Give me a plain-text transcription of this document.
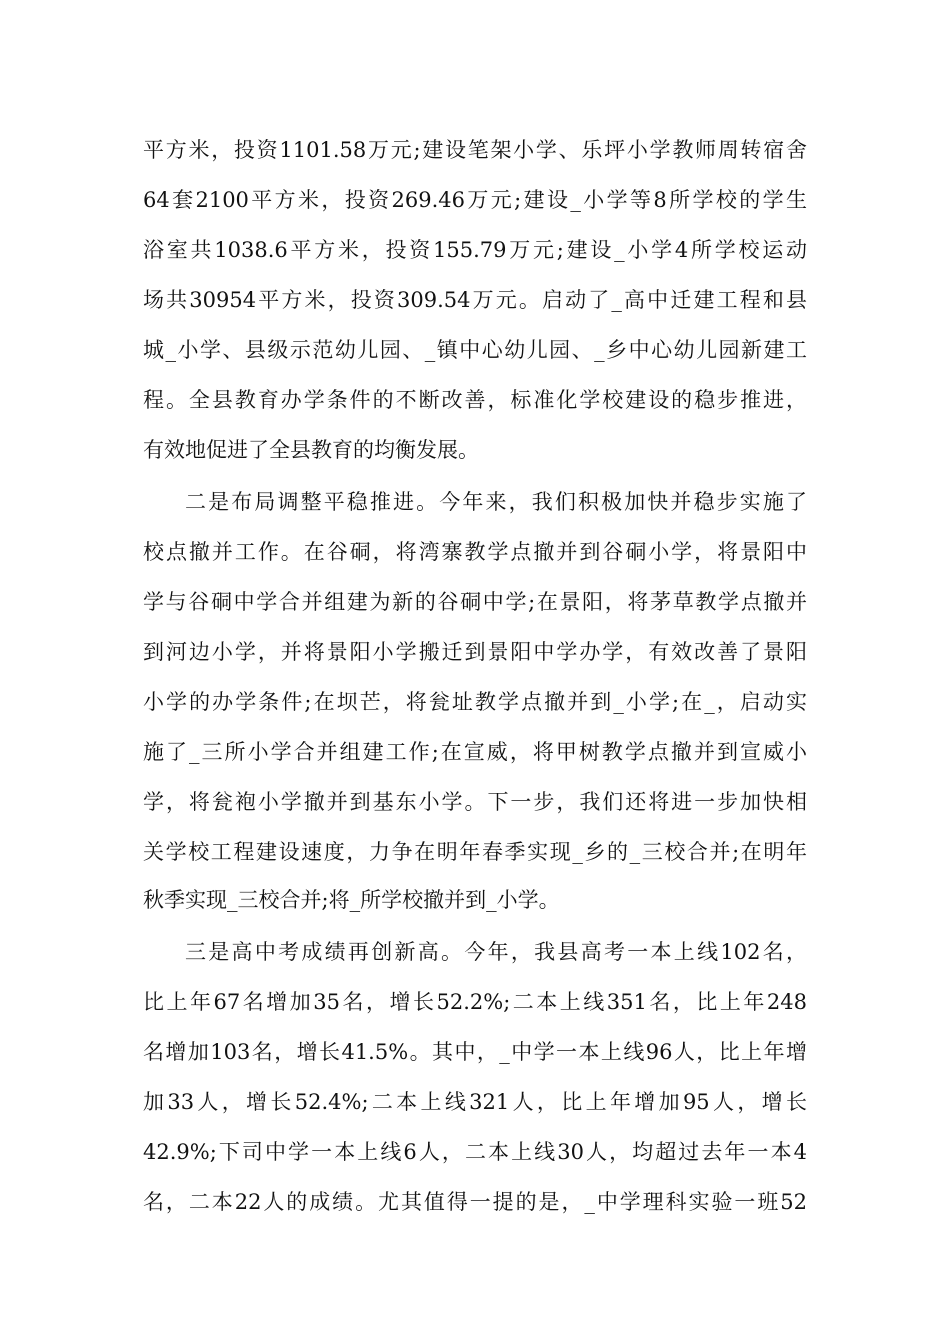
平方米，投资1101.58万元;建设笔架小学、乐坪小学教师周转宿舍
64套2100平方米，投资269.46万元;建设_小学等8所学校的学生
浴室共1038.6平方米，投资155.79万元;建设_小学4所学校运动
场共30954平方米，投资309.54万元。启动了_高中迁建工程和县
城_小学、县级示范幼儿园、_镇中心幼儿园、_乡中心幼儿园新建工
程。全县教育办学条件的不断改善，标准化学校建设的稳步推进，
有效地促进了全县教育的均衡发展。
二是布局调整平稳推进。今年来，我们积极加快并稳步实施了
校点撤并工作。在谷硐，将湾寨教学点撤并到谷硐小学，将景阳中
学与谷硐中学合并组建为新的谷硐中学;在景阳，将茅草教学点撤并
到河边小学，并将景阳小学搬迁到景阳中学办学，有效改善了景阳
小学的办学条件;在坝芒，将瓮址教学点撤并到_小学;在_，启动实
施了_三所小学合并组建工作;在宣威，将甲树教学点撤并到宣威小
学，将瓮袍小学撤并到基东小学。下一步，我们还将进一步加快相
关学校工程建设速度，力争在明年春季实现_乡的_三校合并;在明年
秋季实现_三校合并;将_所学校撤并到_小学。
三是高中考成绩再创新高。今年，我县高考一本上线102名，
比上年67名增加35名，增长52.2%;二本上线351名，比上年248
名增加103名，增长41.5%。其中，_中学一本上线96人，比上年增
加33人，增长52.4%;二本上线321人，比上年增加95人，增长
42.9%;下司中学一本上线6人，二本上线30人，均超过去年一本4
名，二本22人的成绩。尤其值得一提的是，_中学理科实验一班52
